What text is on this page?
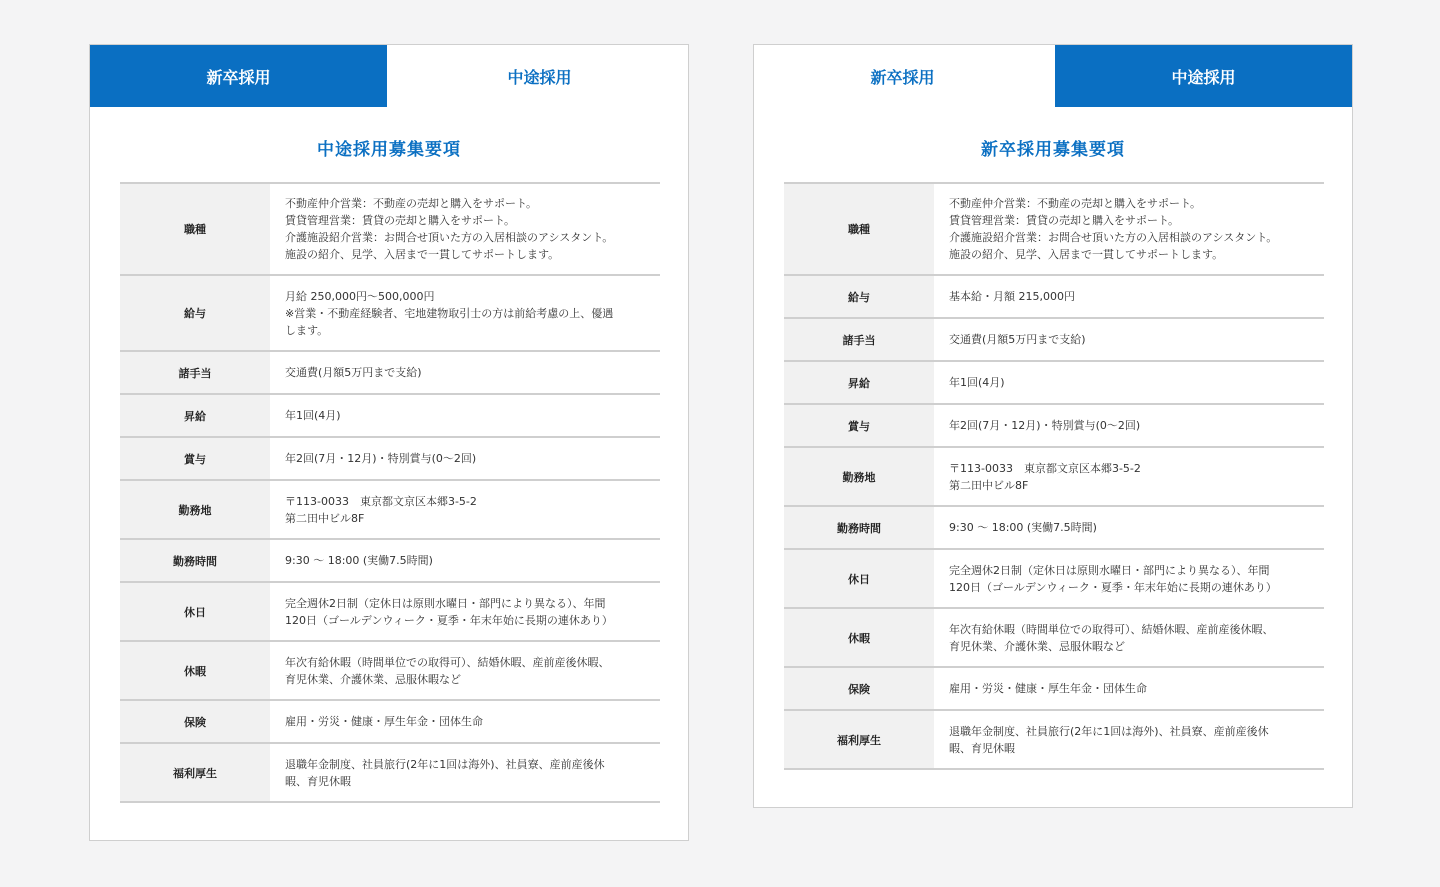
新卒採用	中途採用
中途採用募集要項
職種	不動産仲介営業：不動産の売却と購入をサポート。
賃貸管理営業：賃貸の売却と購入をサポート。
介護施設紹介営業：お問合せ頂いた方の入居相談のアシスタント。
施設の紹介、見学、入居まで一貫してサポートします。
給与	月給 250,000円〜500,000円
※営業・不動産経験者、宅地建物取引士の方は前給考慮の上、優遇
します。
諸手当	交通費(月額5万円まで支給)
昇給	年1回(4月)
賞与	年2回(7月・12月)・特別賞与(0〜2回)
勤務地	〒113-0033　東京都文京区本郷3-5-2
第二田中ビル8F
勤務時間	9:30 〜 18:00 (実働7.5時間)
休日	完全週休2日制（定休日は原則水曜日・部門により異なる）、年間
120日（ゴールデンウィーク・夏季・年末年始に長期の連休あり）
休暇	年次有給休暇（時間単位での取得可）、結婚休暇、産前産後休暇、
育児休業、介護休業、忌服休暇など
保険	雇用・労災・健康・厚生年金・団体生命
福利厚生	退職年金制度、社員旅行(2年に1回は海外)、社員寮、産前産後休
暇、育児休暇
新卒採用	中途採用
新卒採用募集要項
職種	不動産仲介営業：不動産の売却と購入をサポート。
賃貸管理営業：賃貸の売却と購入をサポート。
介護施設紹介営業：お問合せ頂いた方の入居相談のアシスタント。
施設の紹介、見学、入居まで一貫してサポートします。
給与	基本給・月額 215,000円
諸手当	交通費(月額5万円まで支給)
昇給	年1回(4月)
賞与	年2回(7月・12月)・特別賞与(0〜2回)
勤務地	〒113-0033　東京都文京区本郷3-5-2
第二田中ビル8F
勤務時間	9:30 〜 18:00 (実働7.5時間)
休日	完全週休2日制（定休日は原則水曜日・部門により異なる）、年間
120日（ゴールデンウィーク・夏季・年末年始に長期の連休あり）
休暇	年次有給休暇（時間単位での取得可）、結婚休暇、産前産後休暇、
育児休業、介護休業、忌服休暇など
保険	雇用・労災・健康・厚生年金・団体生命
福利厚生	退職年金制度、社員旅行(2年に1回は海外)、社員寮、産前産後休
暇、育児休暇
